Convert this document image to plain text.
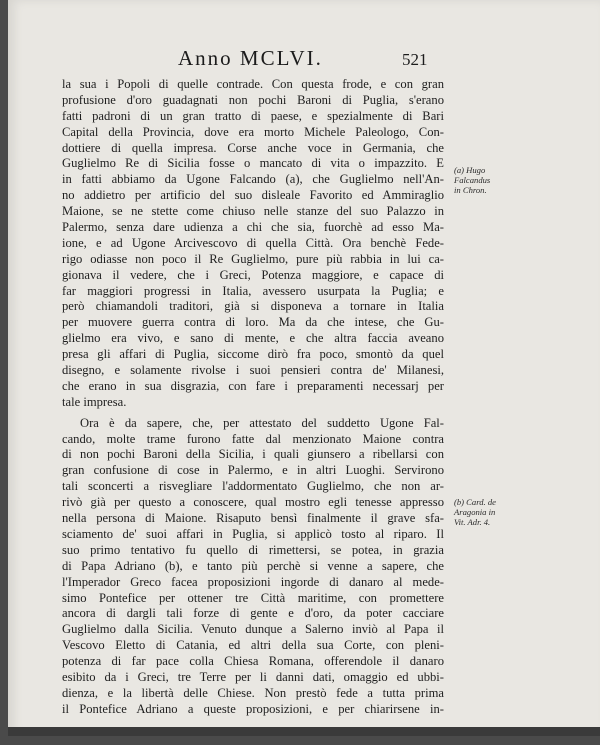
Anno MCLVI.	521
la sua i Popoli di quelle contrade. Con questa frode, e con gran
profusione d'oro guadagnati non pochi Baroni di Puglia, s'erano
fatti padroni di un gran tratto di paese, e spezialmente di Bari
Capital della Provincia, dove era morto Michele Paleologo, Con-
dottiere di quella impresa. Corse anche voce in Germania, che
Guglielmo Re di Sicilia fosse o mancato di vita o impazzito. E
in fatti abbiamo da Ugone Falcando (a), che Guglielmo nell'An-
no addietro per artificio del suo disleale Favorito ed Ammiraglio
Maione, se ne stette come chiuso nelle stanze del suo Palazzo in
Palermo, senza dare udienza a chi che sia, fuorchè ad esso Ma-
ione, e ad Ugone Arcivescovo di quella Città. Ora benchè Fede-
rigo odiasse non poco il Re Guglielmo, pure più rabbia in lui ca-
gionava il vedere, che i Greci, Potenza maggiore, e capace di
far maggiori progressi in Italia, avessero usurpata la Puglia; e
però chiamandoli traditori, già si disponeva a tornare in Italia
per muovere guerra contra di loro. Ma da che intese, che Gu-
glielmo era vivo, e sano di mente, e che altra faccia aveano
presa gli affari di Puglia, siccome dirò fra poco, smontò da quel
disegno, e solamente rivolse i suoi pensieri contra de' Milanesi,
che erano in sua disgrazia, con fare i preparamenti necessarj per
tale impresa.
Ora è da sapere, che, per attestato del suddetto Ugone Fal-
cando, molte trame furono fatte dal menzionato Maione contra
di non pochi Baroni della Sicilia, i quali giunsero a ribellarsi con
gran confusione di cose in Palermo, e in altri Luoghi. Servirono
tali sconcerti a risvegliare l'addormentato Guglielmo, che non ar-
rivò già per questo a conoscere, qual mostro egli tenesse appresso
nella persona di Maione. Risaputo bensì finalmente il grave sfa-
sciamento de' suoi affari in Puglia, si applicò tosto al riparo. Il
suo primo tentativo fu quello di rimettersi, se potea, in grazia
di Papa Adriano (b), e tanto più perchè si venne a sapere, che
l'Imperador Greco facea proposizioni ingorde di danaro al mede-
simo Pontefice per ottener tre Città maritime, con promettere
ancora di dargli tali forze di gente e d'oro, da poter cacciare
Guglielmo dalla Sicilia. Venuto dunque a Salerno inviò al Papa il
Vescovo Eletto di Catania, ed altri della sua Corte, con pleni-
potenza di far pace colla Chiesa Romana, offerendole il danaro
esibito da i Greci, tre Terre per li danni dati, omaggio ed ubbi-
dienza, e la libertà delle Chiese. Non prestò fede a tutta prima
il Pontefice Adriano a queste proposizioni, e per chiarirsene in-
(a) Hugo
Falcandus
in Chron.
(b) Card. de
Aragonia in
Vit. Adr. 4.
